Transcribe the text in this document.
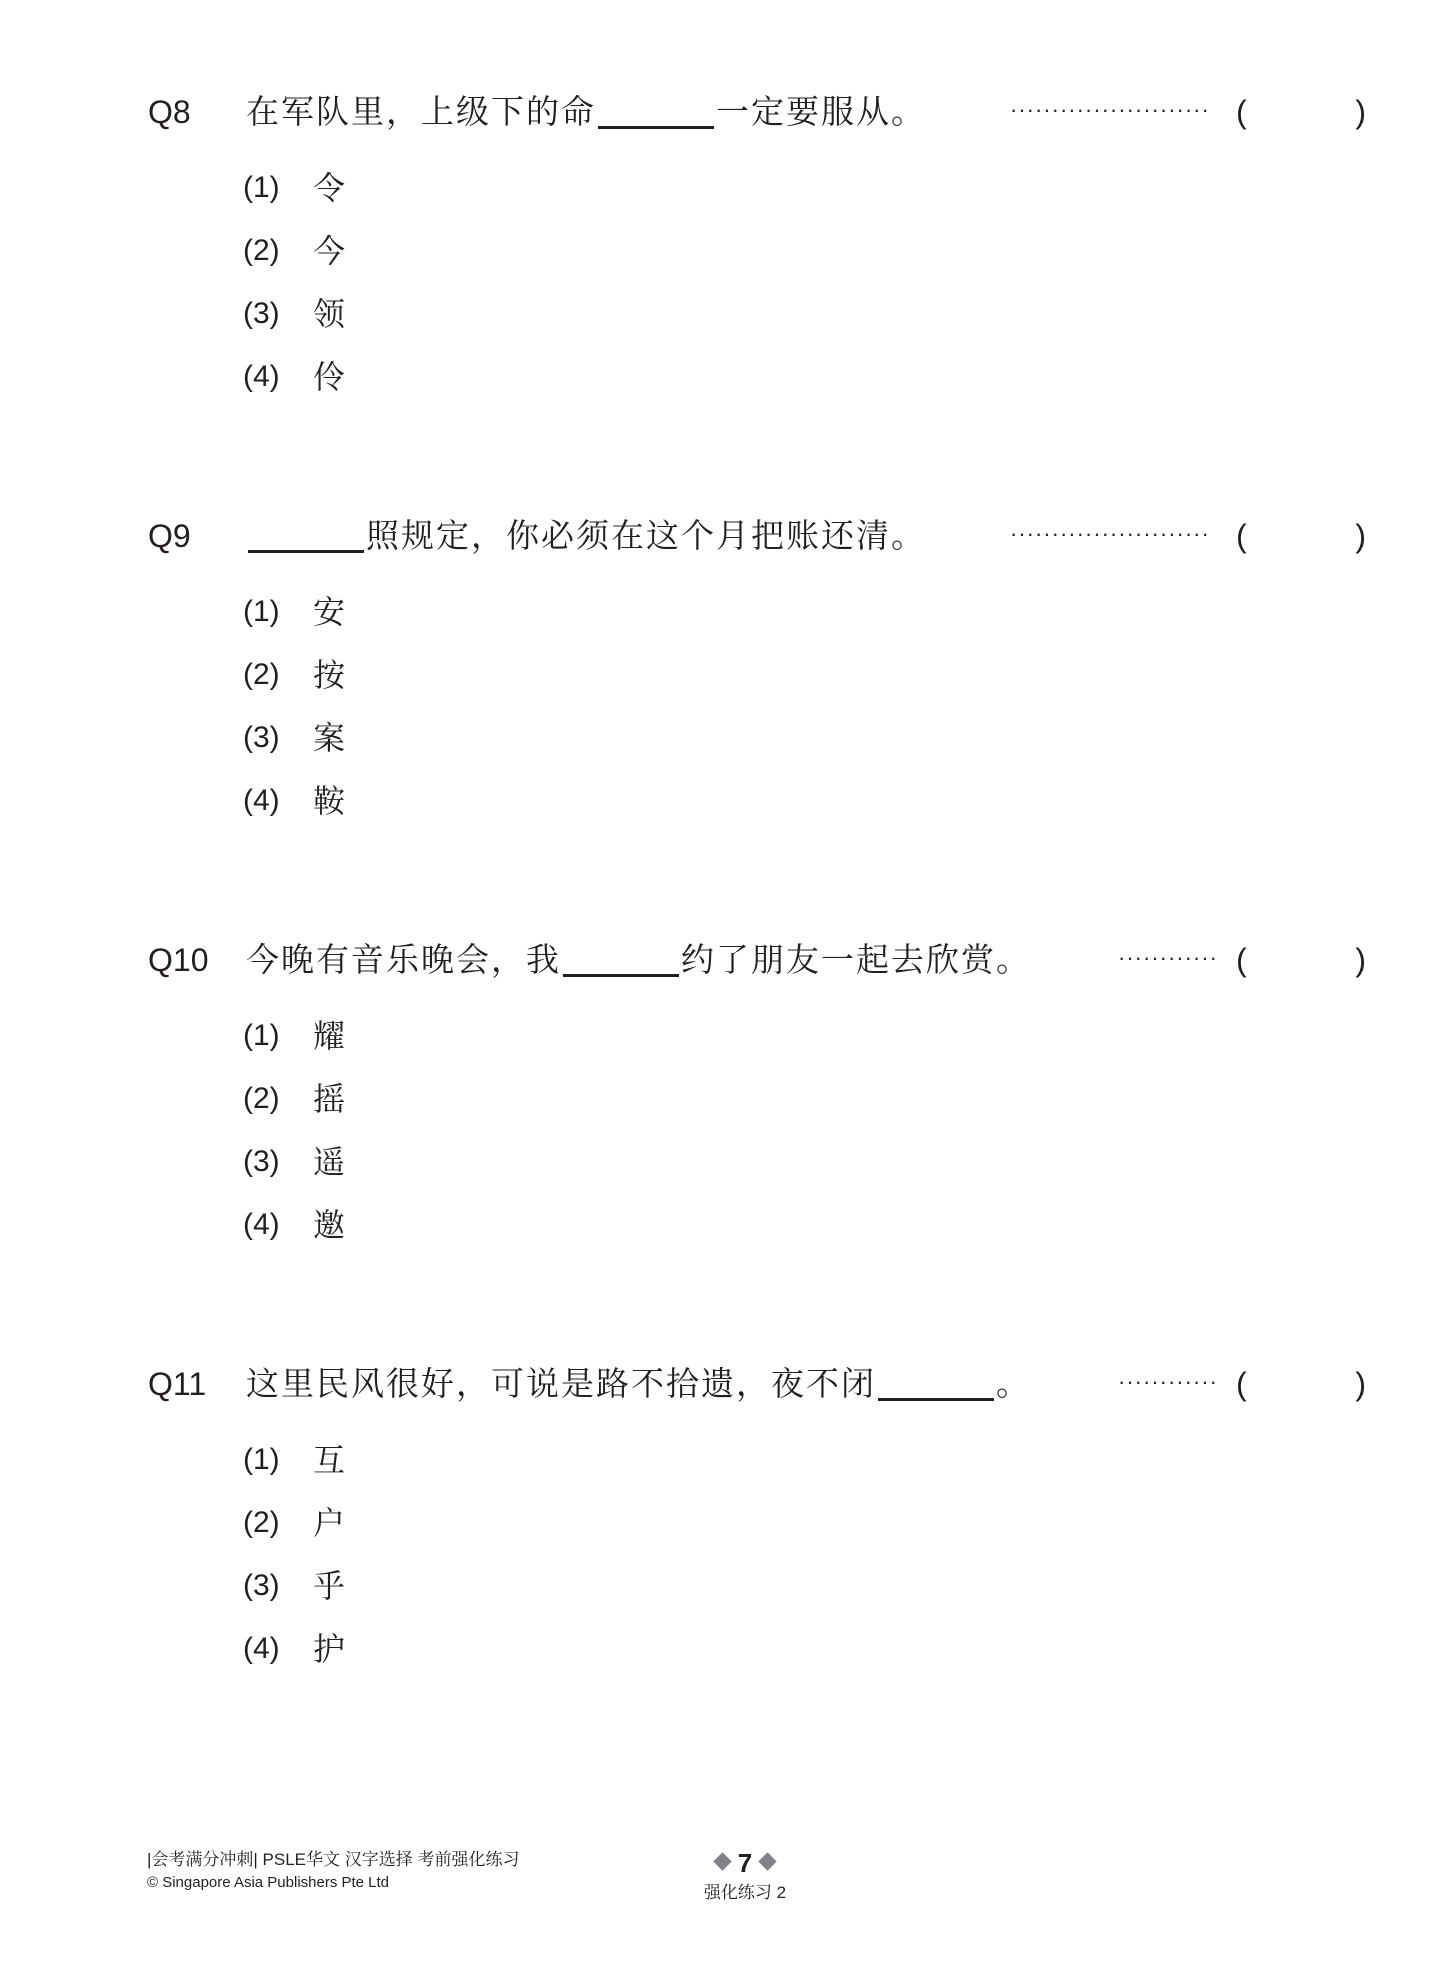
Q8 在军队里，上级下的命	一定要服从。	························ (	)
(1) 令
(2) 今
(3) 领
(4) 伶
Q9	照规定，你必须在这个月把账还清。	························ (	)
(1) 安
(2) 按
(3) 案
(4) 鞍
Q10 今晚有音乐晚会，我	约了朋友一起去欣赏。	············ (	)
(1) 耀
(2) 摇
(3) 遥
(4) 邀
Q11 这里民风很好，可说是路不拾遗，夜不闭	。	············ (	)
(1) 互
(2) 户
(3) 乎
(4) 护
|会考满分冲刺| PSLE华文 汉字选择 考前强化练习
© Singapore Asia Publishers Pte Ltd
7
强化练习 2
